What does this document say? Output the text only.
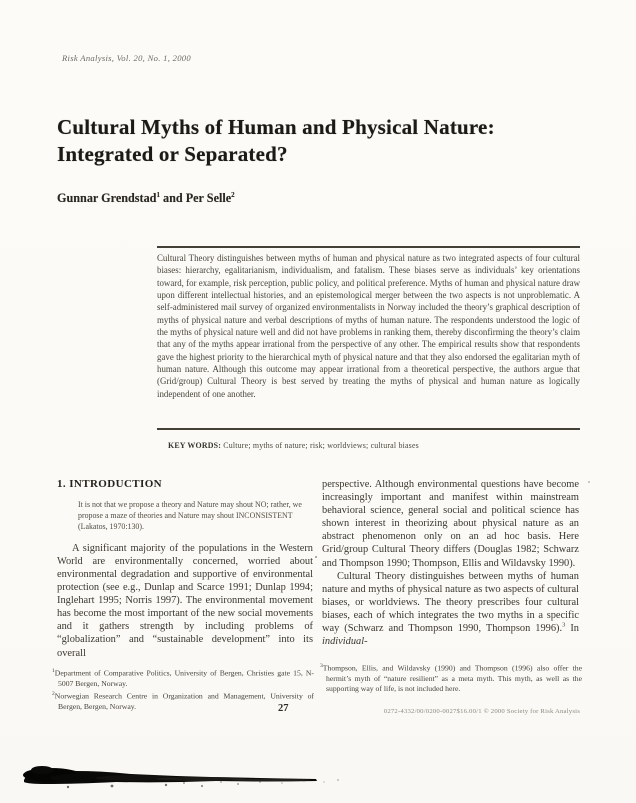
Risk Analysis, Vol. 20, No. 1, 2000
Cultural Myths of Human and Physical Nature:
Integrated or Separated?
Gunnar Grendstad$^1$ and Per Selle$^2$

Cultural Theory distinguishes between myths of human and physical nature as two integrated aspects of four cultural biases: hierarchy, egalitarianism, individualism, and fatalism. These biases serve as individuals’ key orientations toward, for example, risk perception, public policy, and political preference. Myths of human and physical nature draw upon different intellectual histories, and an epistemological merger between the two aspects is not unproblematic. A self-administered mail survey of organized environmentalists in Norway included the theory’s graphical description of myths of physical nature and verbal descriptions of myths of human nature. The respondents understood the logic of the myths of physical nature well and did not have problems in ranking them, thereby disconfirming the theory’s claim that any of the myths appear irrational from the perspective of any other. The empirical results show that respondents gave the highest priority to the hierarchical myth of physical nature and that they also endorsed the egalitarian myth of human nature. Although this outcome may appear irrational from a theoretical perspective, the authors argue that (Grid/group) Cultural Theory is best served by treating the myths of physical and human nature as logically independent of one another.

KEY WORDS: Culture; myths of nature; risk; worldviews; cultural biases
1. INTRODUCTION

It is not that we propose a theory and Nature may shout NO; rather, we propose a maze of theories and Nature may shout INCONSISTENT (Lakatos, 1970:130).

A significant majority of the populations in the Western World are environmentally concerned, worried about environmental degradation and supportive of environmental protection (see e.g., Dunlap and Scarce 1991; Dunlap 1994; Inglehart 1995; Norris 1997). The environmental movement has become the most important of the new social movements and it gathers strength by including problems of “globalization” and “sustainable development” into its overall

perspective. Although environmental questions have become increasingly important and manifest within mainstream behavioral science, general social and political science has shown interest in theorizing about physical nature as an abstract phenomenon only on an ad hoc basis. Here Grid/group Cultural Theory differs (Douglas 1982; Schwarz and Thompson 1990; Thompson, Ellis and Wildavsky 1990).

Cultural Theory distinguishes between myths of human nature and myths of physical nature as two aspects of cultural biases, or worldviews. The theory prescribes four cultural biases, each of which integrates the two myths in a specific way (Schwarz and Thompson 1990, Thompson 1996).$^3$ In individual-

$^1$Department of Comparative Politics, University of Bergen, Christies gate 15, N-5007 Bergen, Norway.

$^2$Norwegian Research Centre in Organization and Management, University of Bergen, Bergen, Norway.

$^3$Thompson, Ellis, and Wildavsky (1990) and Thompson (1996) also offer the hermit’s myth of “nature resilient” as a meta myth. This myth, as well as the supporting way of life, is not included here.

27	0272-4332/00/0200-0027$16.00/1 © 2000 Society for Risk Analysis
